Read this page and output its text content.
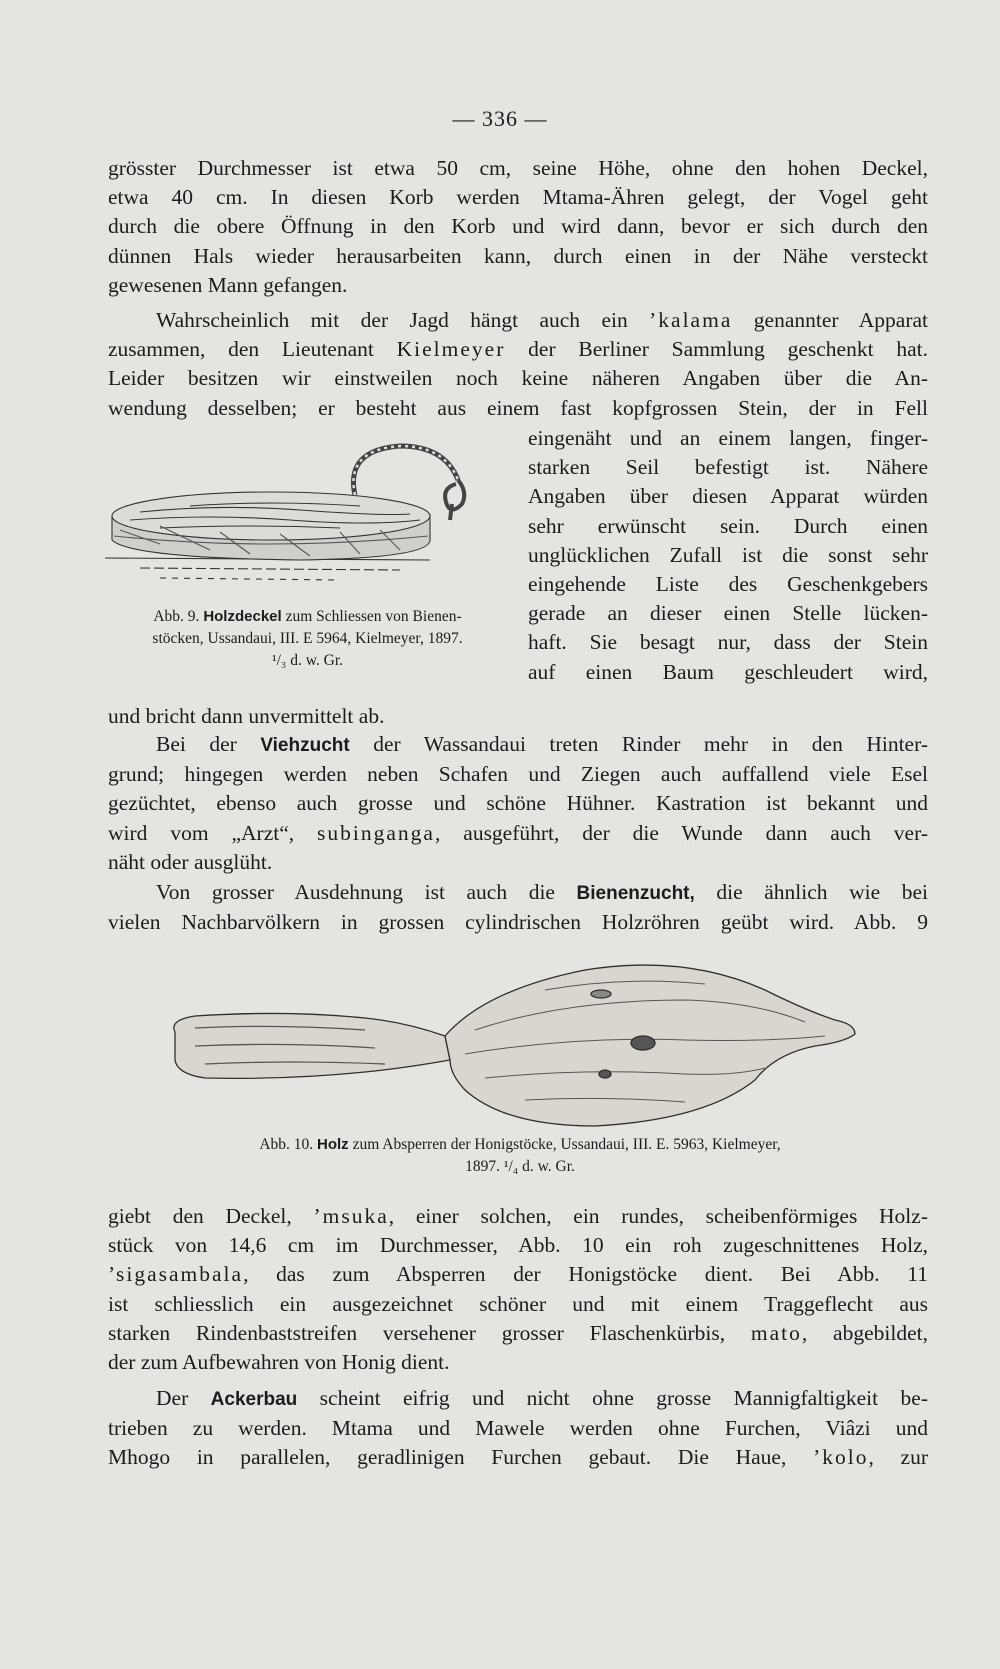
— 336 —
grösster Durchmesser ist etwa 50 cm, seine Höhe, ohne den hohen Deckel,
etwa 40 cm. In diesen Korb werden Mtama-Ähren gelegt, der Vogel geht
durch die obere Öffnung in den Korb und wird dann, bevor er sich durch den
dünnen Hals wieder herausarbeiten kann, durch einen in der Nähe versteckt
gewesenen Mann gefangen.
Wahrscheinlich mit der Jagd hängt auch ein ’kalama genannter Apparat
zusammen, den Lieutenant Kielmeyer der Berliner Sammlung geschenkt hat.
Leider besitzen wir einstweilen noch keine näheren Angaben über die An-
wendung desselben; er besteht aus einem fast kopfgrossen Stein, der in Fell
eingenäht und an einem langen, finger-
starken Seil befestigt ist. Nähere
Angaben über diesen Apparat würden
sehr erwünscht sein. Durch einen
unglücklichen Zufall ist die sonst sehr
eingehende Liste des Geschenkgebers
gerade an dieser einen Stelle lücken-
haft. Sie besagt nur, dass der Stein
auf einen Baum geschleudert wird,
Abb. 9. Holzdeckel zum Schliessen von Bienen-
stöcken, Ussandaui, III. E 5964, Kielmeyer, 1897.
¹/₃ d. w. Gr.
und bricht dann unvermittelt ab.
Bei der Viehzucht der Wassandaui treten Rinder mehr in den Hinter-
grund; hingegen werden neben Schafen und Ziegen auch auffallend viele Esel
gezüchtet, ebenso auch grosse und schöne Hühner. Kastration ist bekannt und
wird vom „Arzt“, subinganga, ausgeführt, der die Wunde dann auch ver-
näht oder ausglüht.
Von grosser Ausdehnung ist auch die Bienenzucht, die ähnlich wie bei
vielen Nachbarvölkern in grossen cylindrischen Holzröhren geübt wird. Abb. 9
Abb. 10. Holz zum Absperren der Honigstöcke, Ussandaui, III. E. 5963, Kielmeyer,
1897. ¹/₄ d. w. Gr.
giebt den Deckel, ’msuka, einer solchen, ein rundes, scheibenförmiges Holz-
stück von 14,6 cm im Durchmesser, Abb. 10 ein roh zugeschnittenes Holz,
’sigasambala, das zum Absperren der Honigstöcke dient. Bei Abb. 11
ist schliesslich ein ausgezeichnet schöner und mit einem Traggeflecht aus
starken Rindenbaststreifen versehener grosser Flaschenkürbis, mato, abgebildet,
der zum Aufbewahren von Honig dient.
Der Ackerbau scheint eifrig und nicht ohne grosse Mannigfaltigkeit be-
trieben zu werden. Mtama und Mawele werden ohne Furchen, Viâzi und
Mhogo in parallelen, geradlinigen Furchen gebaut. Die Haue, ’kolo, zur
